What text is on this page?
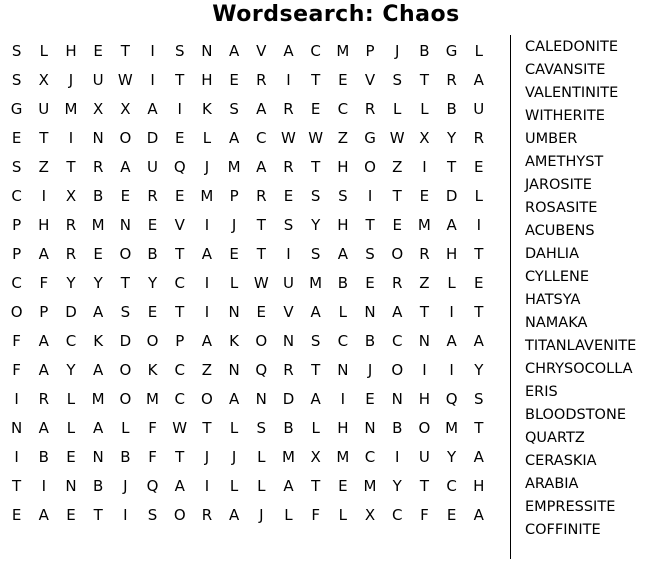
Wordsearch: Chaos
S	L	H	E	T	I	S	N	A	V	A	C	M	P	J	B	G	L
S	X	J	U W	I	T	H	E	R	I	T	E	V	S	T	R	A
G	U	M	X	X	A	I	K	S	A	R	E	C	R	L	L	B	U
E	T	I	N	O	D	E	L	A	C W W Z	G W X	Y	R
S	Z	T	R	A	U	Q	J	M	A	R	T	H	O	Z	I	T	E
C	I	X	B	E	R	E	M	P	R	E	S	S	I	T	E	D	L
P	H	R	M	N	E	V	I	J	T	S	Y	H	T	E	M	A	I
P	A	R	E	O	B	T	A	E	T	I	S	A	S	O	R	H	T
C	F	Y	Y	T	Y	C	I	L	W U	M	B	E	R	Z	L	E
O	P	D	A	S	E	T	I	N	E	V	A	L	N	A	T	I	T
F	A	C	K	D	O	P	A	K	O	N	S	C	B	C	N	A	A
F	A	Y	A	O	K	C	Z	N	Q	R	T	N	J	O	I	I	Y
I	R	L	M O M	C	O	A	N	D	A	I	E	N	H	Q	S
N	A	L	A	L	F	W	T	L	S	B	L	H	N	B	O M	T
I	B	E	N	B	F	T	J	J	L	M	X	M	C	I	U	Y	A
T	I	N	B	J	Q	A	I	L	L	A	T	E	M	Y	T	C	H
E	A	E	T	I	S	O	R	A	J	L	F	L	X	C	F	E	A
CALEDONITE
CAVANSITE
VALENTINITE
WITHERITE
UMBER
AMETHYST
JAROSITE
ROSASITE
ACUBENS
DAHLIA
CYLLENE
HATSYA
NAMAKA
TITANLAVENITE
CHRYSOCOLLA
ERIS
BLOODSTONE
QUARTZ
CERASKIA
ARABIA
EMPRESSITE
COFFINITE
